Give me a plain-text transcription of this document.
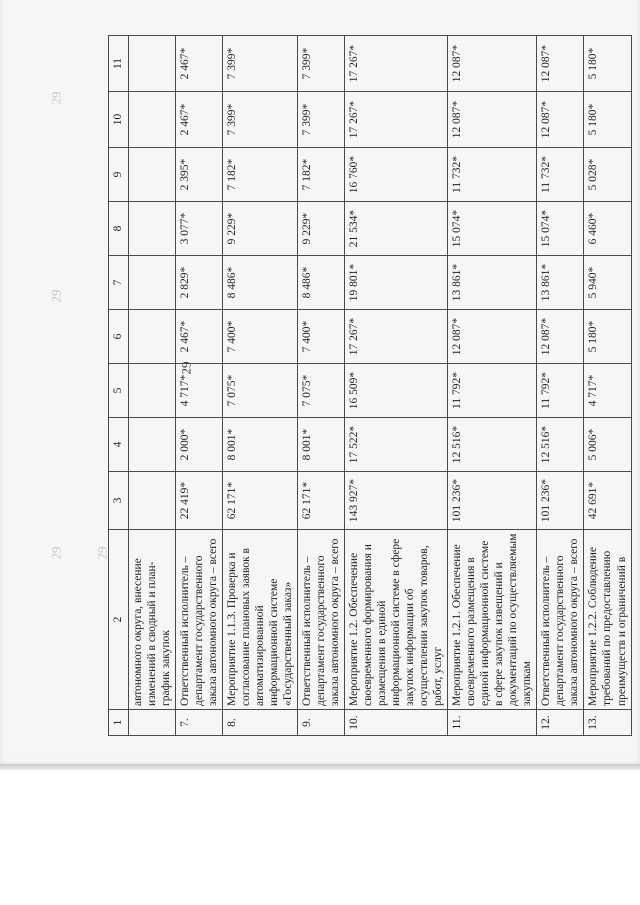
29
29
29
29
29
1	2	3	4	5	6	7	8	9	10	11
	автономного округа, внесение изменений в сводный и план-график закупок									
7.	Ответственный исполнитель – департамент государственного заказа автономного округа – всего	22 419*	2 000*	4 717*	2 467*	2 829*	3 077*	2 395*	2 467*	2 467*
8.	Мероприятие 1.1.3. Проверка и согласование плановых заявок в автоматизированной информационной системе «Государственный заказ»	62 171*	8 001*	7 075*	7 400*	8 486*	9 229*	7 182*	7 399*	7 399*
9.	Ответственный исполнитель – департамент государственного заказа автономного округа – всего	62 171*	8 001*	7 075*	7 400*	8 486*	9 229*	7 182*	7 399*	7 399*
10.	Мероприятие 1.2. Обеспечение своевременного формирования и размещения в единой информационной системе в сфере закупок информации об осуществлении закупок товаров, работ, услуг	143 927*	17 522*	16 509*	17 267*	19 801*	21 534*	16 760*	17 267*	17 267*
11.	Мероприятие 1.2.1. Обеспечение своевременного размещения в единой информационной системе в сфере закупок извещений и документаций по осуществляемым закупкам	101 236*	12 516*	11 792*	12 087*	13 861*	15 074*	11 732*	12 087*	12 087*
12.	Ответственный исполнитель – департамент государственного заказа автономного округа – всего	101 236*	12 516*	11 792*	12 087*	13 861*	15 074*	11 732*	12 087*	12 087*
13.	Мероприятие 1.2.2. Соблюдение требований по предоставлению преимуществ и ограничений в	42 691*	5 006*	4 717*	5 180*	5 940*	6 460*	5 028*	5 180*	5 180*
